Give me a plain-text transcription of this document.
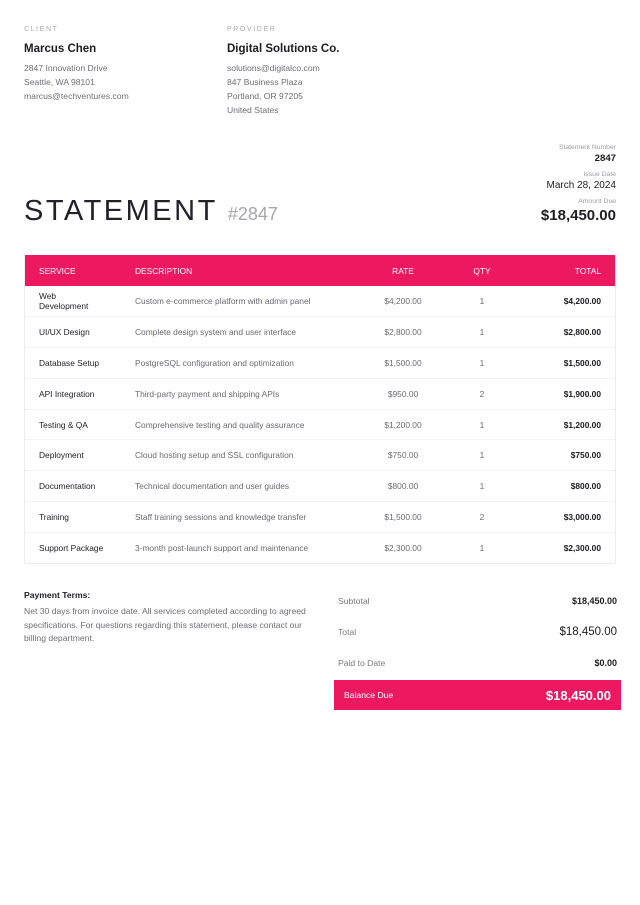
CLIENT
Marcus Chen
2847 Innovation Drive
Seattle, WA 98101
marcus@techventures.com
PROVIDER
Digital Solutions Co.
solutions@digitalco.com
847 Business Plaza
Portland, OR 97205
United States
Statement Number
2847
Issue Date
March 28, 2024
Amount Due
$18,450.00
STATEMENT #2847
SERVICE	DESCRIPTION	RATE	QTY	TOTAL
Web Development	Custom e-commerce platform with admin panel	$4,200.00	1	$4,200.00
UI/UX Design	Complete design system and user interface	$2,800.00	1	$2,800.00
Database Setup	PostgreSQL configuration and optimization	$1,500.00	1	$1,500.00
API Integration	Third-party payment and shipping APIs	$950.00	2	$1,900.00
Testing & QA	Comprehensive testing and quality assurance	$1,200.00	1	$1,200.00
Deployment	Cloud hosting setup and SSL configuration	$750.00	1	$750.00
Documentation	Technical documentation and user guides	$800.00	1	$800.00
Training	Staff training sessions and knowledge transfer	$1,500.00	2	$3,000.00
Support Package	3-month post-launch support and maintenance	$2,300.00	1	$2,300.00
Payment Terms:
Net 30 days from invoice date. All services completed according to agreed specifications. For questions regarding this statement, please contact our billing department.
Subtotal	$18,450.00
Total	$18,450.00
Paid to Date	$0.00
Balance Due	$18,450.00
